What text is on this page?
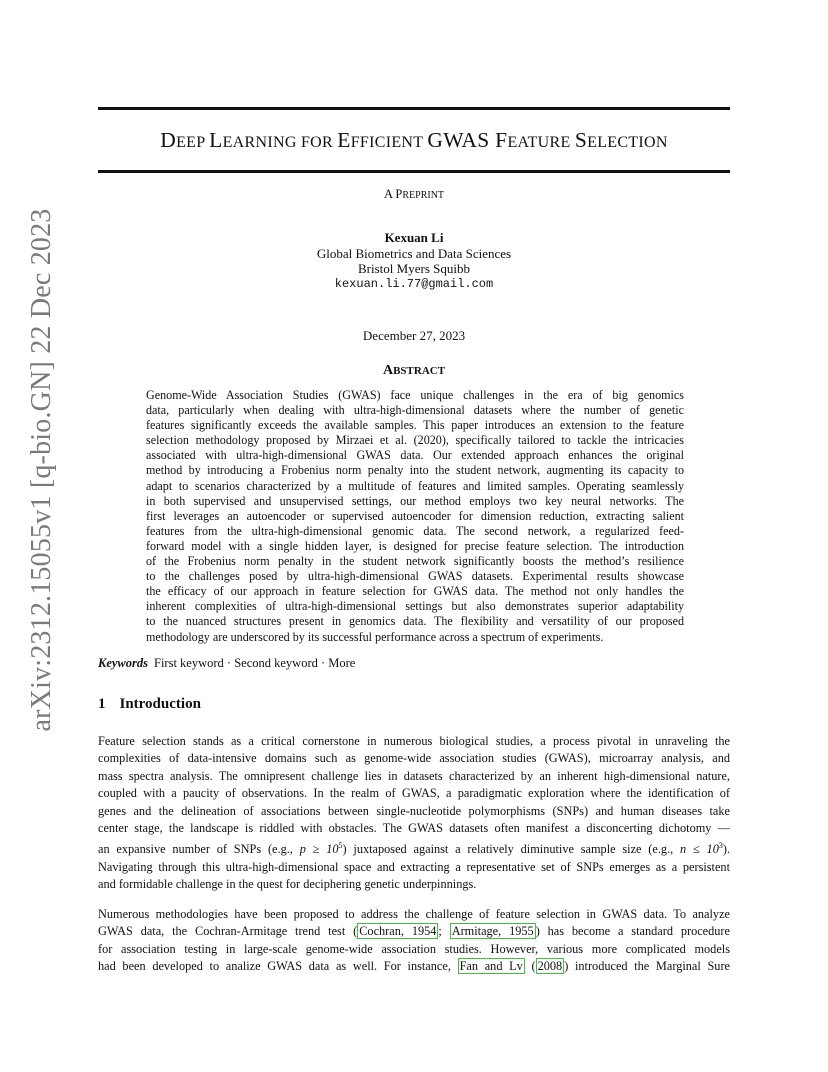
arXiv:2312.15055v1 [q-bio.GN] 22 Dec 2023
DEEP LEARNING FOR EFFICIENT GWAS FEATURE SELECTION
A PREPRINT
Kexuan Li
Global Biometrics and Data Sciences
Bristol Myers Squibb
kexuan.li.77@gmail.com
December 27, 2023
ABSTRACT
Genome-Wide Association Studies (GWAS) face unique challenges in the era of big genomics
data, particularly when dealing with ultra-high-dimensional datasets where the number of genetic
features significantly exceeds the available samples. This paper introduces an extension to the feature
selection methodology proposed by Mirzaei et al. (2020), specifically tailored to tackle the intricacies
associated with ultra-high-dimensional GWAS data. Our extended approach enhances the original
method by introducing a Frobenius norm penalty into the student network, augmenting its capacity to
adapt to scenarios characterized by a multitude of features and limited samples. Operating seamlessly
in both supervised and unsupervised settings, our method employs two key neural networks. The
first leverages an autoencoder or supervised autoencoder for dimension reduction, extracting salient
features from the ultra-high-dimensional genomic data. The second network, a regularized feed-
forward model with a single hidden layer, is designed for precise feature selection. The introduction
of the Frobenius norm penalty in the student network significantly boosts the method’s resilience
to the challenges posed by ultra-high-dimensional GWAS datasets. Experimental results showcase
the efficacy of our approach in feature selection for GWAS data. The method not only handles the
inherent complexities of ultra-high-dimensional settings but also demonstrates superior adaptability
to the nuanced structures present in genomics data. The flexibility and versatility of our proposed
methodology are underscored by its successful performance across a spectrum of experiments.
Keywords First keyword · Second keyword · More
1 Introduction
Feature selection stands as a critical cornerstone in numerous biological studies, a process pivotal in unraveling the
complexities of data-intensive domains such as genome-wide association studies (GWAS), microarray analysis, and
mass spectra analysis. The omnipresent challenge lies in datasets characterized by an inherent high-dimensional nature,
coupled with a paucity of observations. In the realm of GWAS, a paradigmatic exploration where the identification of
genes and the delineation of associations between single-nucleotide polymorphisms (SNPs) and human diseases take
center stage, the landscape is riddled with obstacles. The GWAS datasets often manifest a disconcerting dichotomy —
an expansive number of SNPs (e.g., $p \ge 10^5$) juxtaposed against a relatively diminutive sample size (e.g., $n \le 10^3$).
Navigating through this ultra-high-dimensional space and extracting a representative set of SNPs emerges as a persistent
and formidable challenge in the quest for deciphering genetic underpinnings.
Numerous methodologies have been proposed to address the challenge of feature selection in GWAS data. To analyze
GWAS data, the Cochran-Armitage trend test ( Cochran, 1954 ; Armitage, 1955 ) has become a standard procedure
for association testing in large-scale genome-wide association studies. However, various more complicated models
had been developed to analize GWAS data as well. For instance, Fan and Lv ( 2008 ) introduced the Marginal Sure
